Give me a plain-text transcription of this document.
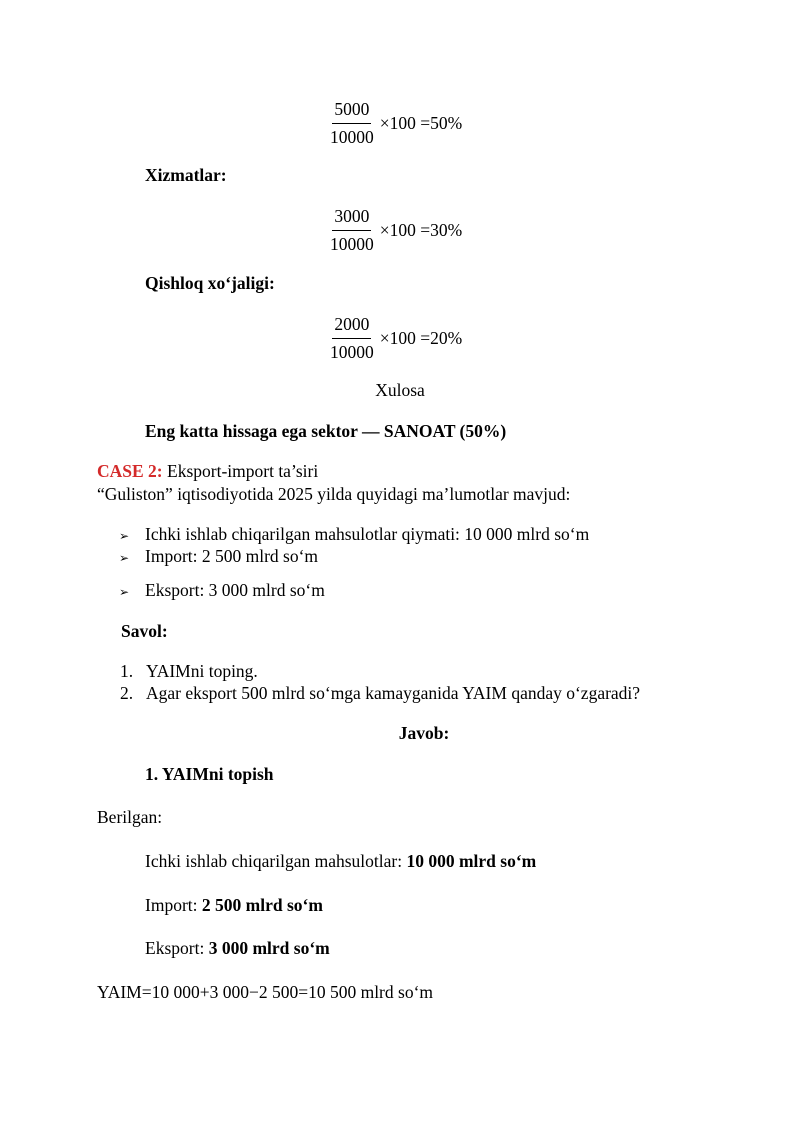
$\frac{5000}{10000} \times 100 =50\%$
Xizmatlar:
$\frac{3000}{10000} \times 100 =30\%$
Qishloq xo‘jaligi:
$\frac{2000}{10000} \times 100 =20\%$
Xulosa
Eng katta hissaga ega sektor — SANOAT (50%)
CASE 2: Eksport-import ta’siri
“Guliston” iqtisodiyotida 2025 yilda quyidagi ma’lumotlar mavjud:
➢ Ichki ishlab chiqarilgan mahsulotlar qiymati: 10 000 mlrd so‘m
➢ Import: 2 500 mlrd so‘m
➢ Eksport: 3 000 mlrd so‘m
Savol:
1. YAIMni toping.
2. Agar eksport 500 mlrd so‘mga kamayganida YAIM qanday o‘zgaradi?
Javob:
1. YAIMni topish
Berilgan:
Ichki ishlab chiqarilgan mahsulotlar: 10 000 mlrd so‘m
Import: 2 500 mlrd so‘m
Eksport: 3 000 mlrd so‘m
YAIM=10 000+3 000−2 500=10 500 mlrd so‘m
